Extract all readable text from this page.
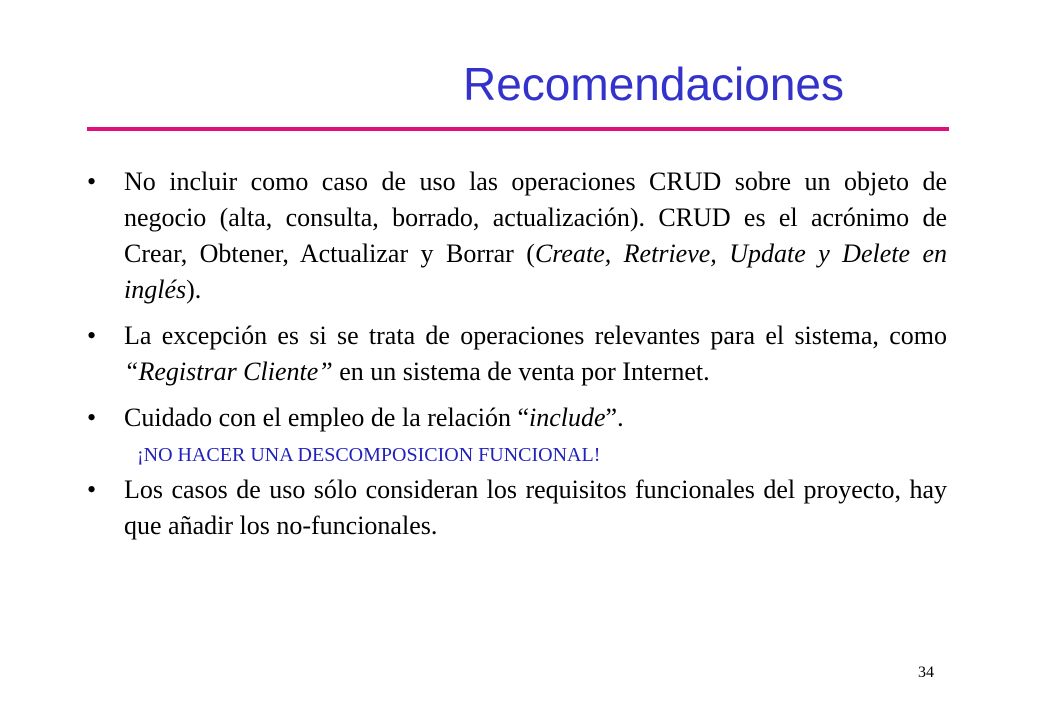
Recomendaciones
•
No incluir como caso de uso las operaciones CRUD sobre un objeto de negocio (alta, consulta, borrado, actualización). CRUD es el acrónimo de Crear, Obtener, Actualizar y Borrar (Create, Retrieve, Update y Delete en inglés).
•
La excepción es si se trata de operaciones relevantes para el sistema, como “Registrar Cliente” en un sistema de venta por Internet.
•
Cuidado con el empleo de la relación “include”.
¡NO HACER UNA DESCOMPOSICION FUNCIONAL!
•
Los casos de uso sólo consideran los requisitos funcionales del proyecto, hay que añadir los no-funcionales.
34
